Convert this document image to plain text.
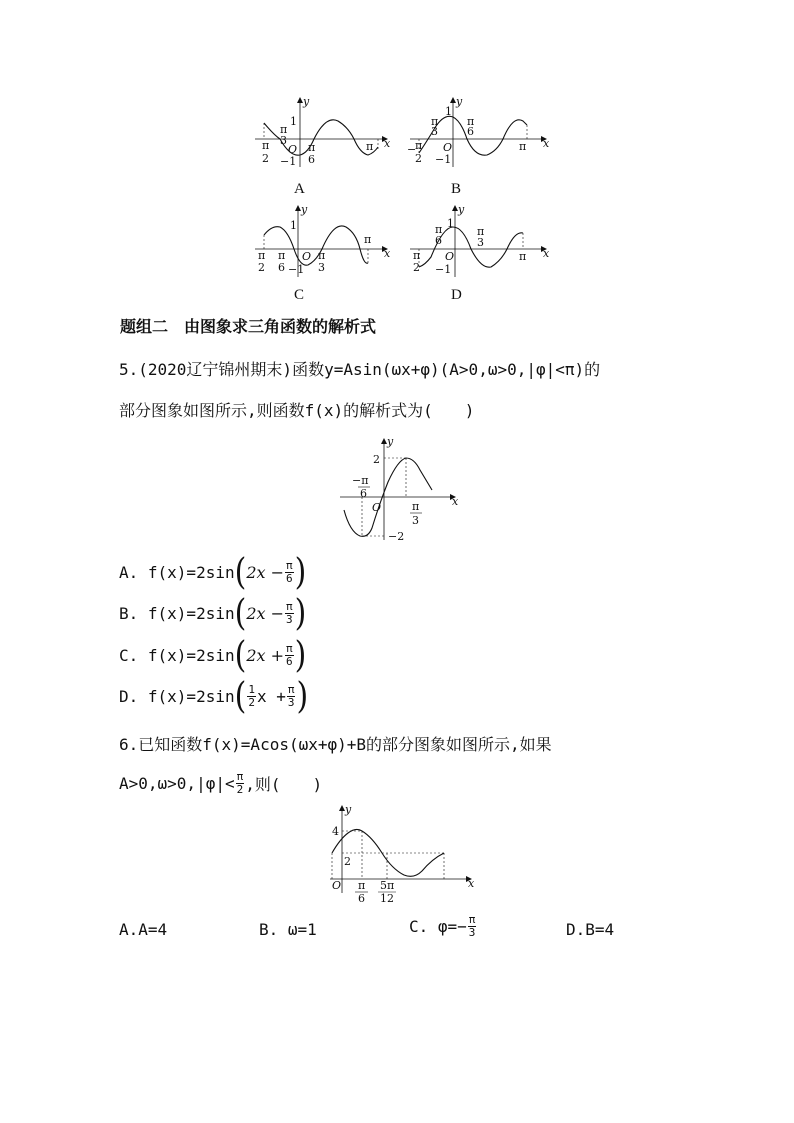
y
x
1
π
3
π
2
O π
6
−1
π
A
y
x
π
3
π
6
−
π
2
O
−1
π
1
B
y
x
1
π
2
π
6
O π
3
−1
π
C
y
x
π
6
π
3
π
2
O
−1
π
1
D
题组二　由图象求三角函数的解析式
5.(2020辽宁锦州期末)函数y=Asin(ωx+φ)(A>0,ω>0,|φ|<π)的
部分图象如图所示,则函数f(x)的解析式为(　　)
y
x
2
−π
6
O	π
3
−2
A. f(x)=2sin ( $2x - \frac{\pi}{6}$ )
B. f(x)=2sin ( $2x - \frac{\pi}{3}$ )
C. f(x)=2sin ( $2x + \frac{\pi}{6}$ )
D. f(x)=2sin ( $\frac{1}{2}$ $x + \frac{\pi}{3}$ )
6.已知函数f(x)=Acos(ωx+φ)+B的部分图象如图所示,如果
$A>0,\omega>0,|\varphi|< \frac{\pi}{2}$ ,则(　　)
y
x
4
2
O π
6
5π
12
A.A=4	B. ω=1	C. $\varphi=- \frac{\pi}{3}$	D.B=4
